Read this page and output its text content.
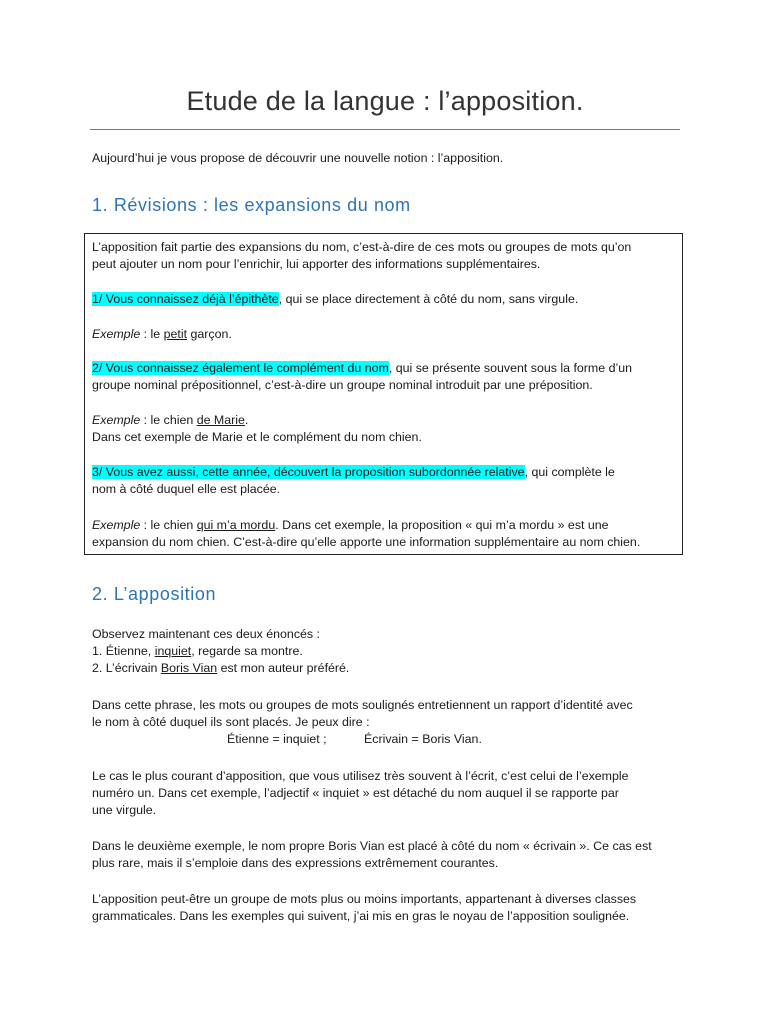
Etude de la langue : l’apposition.

Aujourd’hui je vous propose de découvrir une nouvelle notion : l’apposition.

1. Révisions : les expansions du nom

L’apposition fait partie des expansions du nom, c’est-à-dire de ces mots ou groupes de mots qu’on

peut ajouter un nom pour l’enrichir, lui apporter des informations supplémentaires.

1/ Vous connaissez déjà l’épithète, qui se place directement à côté du nom, sans virgule.

Exemple : le petit garçon.

2/ Vous connaissez également le complément du nom, qui se présente souvent sous la forme d’un

groupe nominal prépositionnel, c’est-à-dire un groupe nominal introduit par une préposition.

Exemple : le chien de Marie.

Dans cet exemple de Marie et le complément du nom chien.

3/ Vous avez aussi, cette année, découvert la proposition subordonnée relative, qui complète le

nom à côté duquel elle est placée.

Exemple : le chien qui m’a mordu. Dans cet exemple, la proposition « qui m’a mordu » est une

expansion du nom chien. C’est-à-dire qu’elle apporte une information supplémentaire au nom chien.

2. L’apposition

Observez maintenant ces deux énoncés :

1. Étienne, inquiet, regarde sa montre.

2. L’écrivain Boris Vian est mon auteur préféré.

Dans cette phrase, les mots ou groupes de mots soulignés entretiennent un rapport d’identité avec

le nom à côté duquel ils sont placés. Je peux dire :

Étienne = inquiet ;	Écrivain = Boris Vian.

Le cas le plus courant d’apposition, que vous utilisez très souvent à l’écrit, c’est celui de l’exemple

numéro un. Dans cet exemple, l’adjectif « inquiet » est détaché du nom auquel il se rapporte par

une virgule.

Dans le deuxième exemple, le nom propre Boris Vian est placé à côté du nom « écrivain ». Ce cas est

plus rare, mais il s’emploie dans des expressions extrêmement courantes.

L’apposition peut-être un groupe de mots plus ou moins importants, appartenant à diverses classes

grammaticales. Dans les exemples qui suivent, j’ai mis en gras le noyau de l’apposition soulignée.
